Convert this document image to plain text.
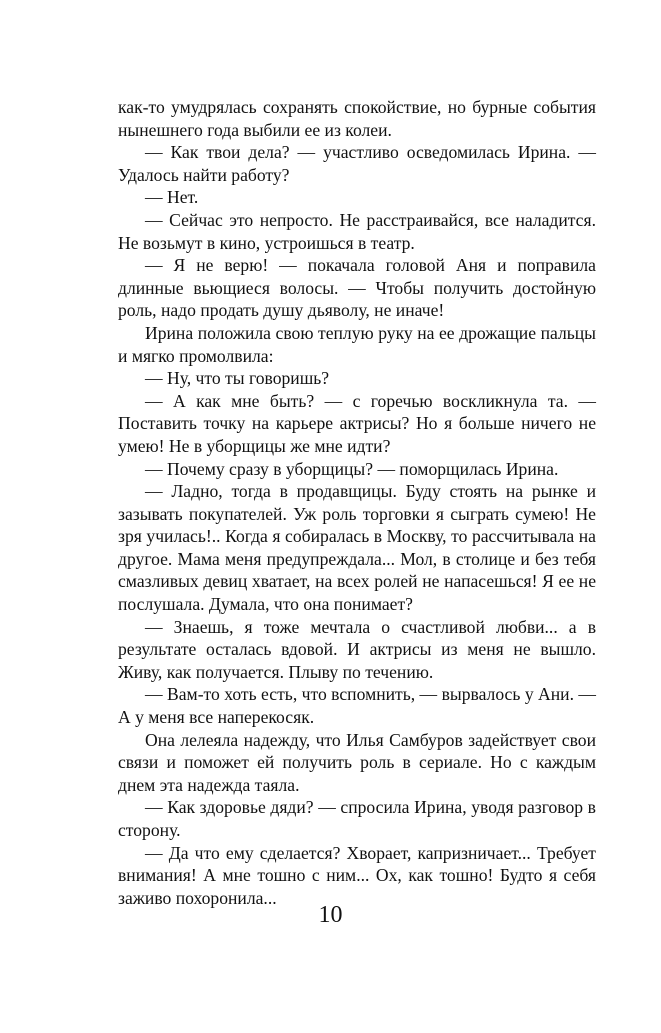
как-то умудрялась сохранять спокойствие, но бурные события нынешнего года выбили ее из колеи.

— Как твои дела? — участливо осведомилась Ирина. — Удалось найти работу?

— Нет.

— Сейчас это непросто. Не расстраивайся, все наладится. Не возьмут в кино, устроишься в театр.

— Я не верю! — покачала головой Аня и поправила длинные вьющиеся волосы. — Чтобы получить достойную роль, надо продать душу дьяволу, не иначе!

Ирина положила свою теплую руку на ее дрожащие пальцы и мягко промолвила:

— Ну, что ты говоришь?

— А как мне быть? — с горечью воскликнула та. — Поставить точку на карьере актрисы? Но я больше ничего не умею! Не в уборщицы же мне идти?

— Почему сразу в уборщицы? — поморщилась Ирина.

— Ладно, тогда в продавщицы. Буду стоять на рынке и зазывать покупателей. Уж роль торговки я сыграть сумею! Не зря училась!.. Когда я собиралась в Москву, то рассчитывала на другое. Мама меня предупреждала... Мол, в столице и без тебя смазливых девиц хватает, на всех ролей не напасешься! Я ее не послушала. Думала, что она понимает?

— Знаешь, я тоже мечтала о счастливой любви... а в результате осталась вдовой. И актрисы из меня не вышло. Живу, как получается. Плыву по течению.

— Вам-то хоть есть, что вспомнить, — вырвалось у Ани. — А у меня все наперекосяк.

Она лелеяла надежду, что Илья Самбуров задействует свои связи и поможет ей получить роль в сериале. Но с каждым днем эта надежда таяла.

— Как здоровье дяди? — спросила Ирина, уводя разговор в сторону.

— Да что ему сделается? Хворает, капризничает... Требует внимания! А мне тошно с ним... Ох, как тошно! Будто я себя заживо похоронила...

10
